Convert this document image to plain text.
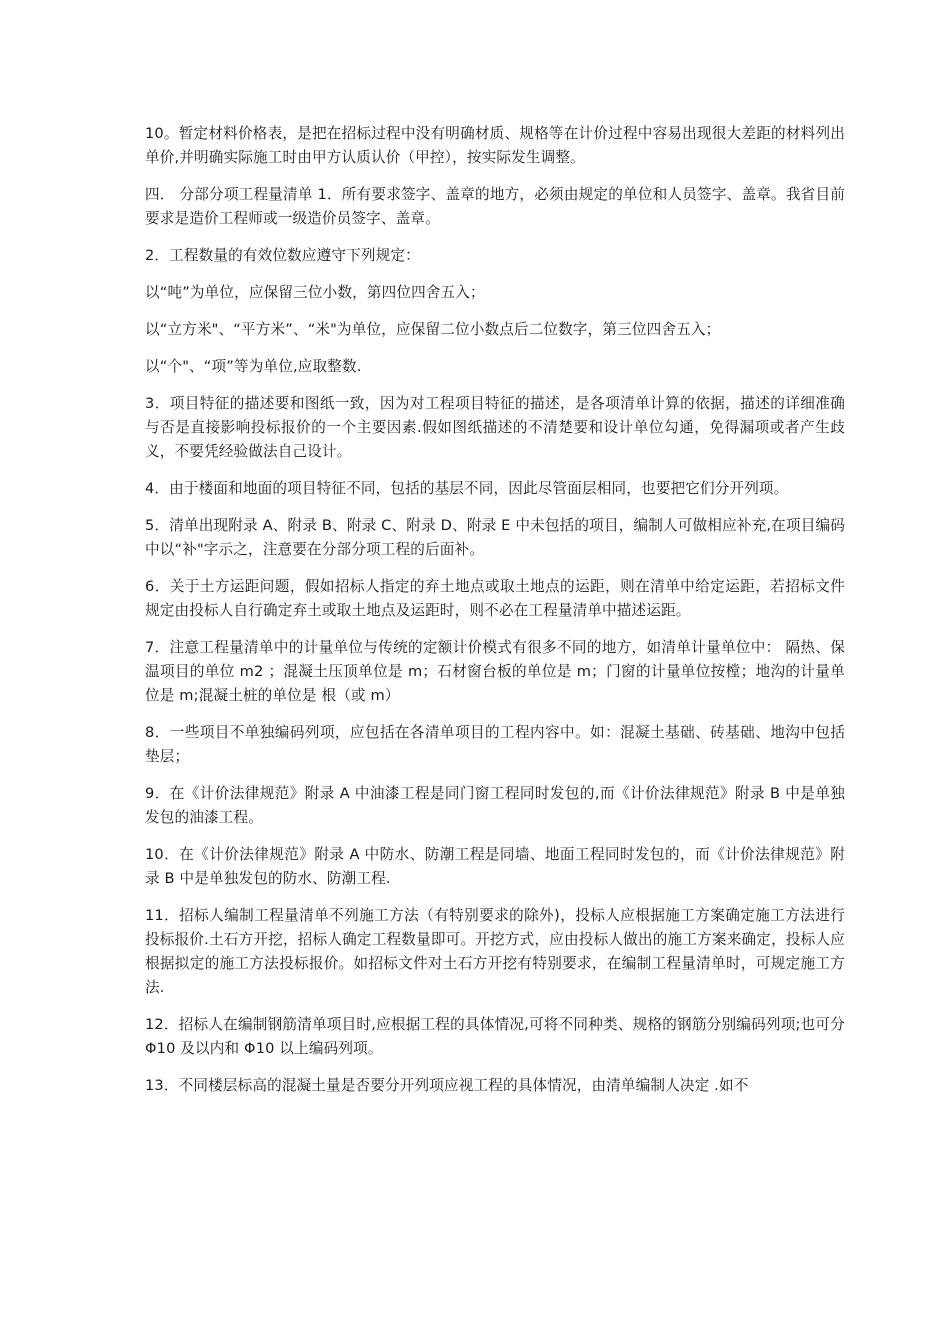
10。暂定材料价格表，是把在招标过程中没有明确材质、规格等在计价过程中容易出现很大差距的材料列出单价,并明确实际施工时由甲方认质认价（甲控），按实际发生调整。

四． 分部分项工程量清单 1．所有要求签字、盖章的地方，必须由规定的单位和人员签字、盖章。我省目前要求是造价工程师或一级造价员签字、盖章。

2．工程数量的有效位数应遵守下列规定：

以“吨”为单位，应保留三位小数，第四位四舍五入；

以“立方米"、“平方米”、“米"为单位，应保留二位小数点后二位数字，第三位四舍五入；

以“个"、“项”等为单位,应取整数.

3．项目特征的描述要和图纸一致，因为对工程项目特征的描述，是各项清单计算的依据，描述的详细准确与否是直接影响投标报价的一个主要因素.假如图纸描述的不清楚要和设计单位勾通，免得漏项或者产生歧义，不要凭经验做法自己设计。

4．由于楼面和地面的项目特征不同，包括的基层不同，因此尽管面层相同，也要把它们分开列项。

5．清单出现附录 A、附录 B、附录 C、附录 D、附录 E 中未包括的项目，编制人可做相应补充,在项目编码中以“补"字示之，注意要在分部分项工程的后面补。

6．关于土方运距问题，假如招标人指定的弃土地点或取土地点的运距，则在清单中给定运距，若招标文件规定由投标人自行确定弃土或取土地点及运距时，则不必在工程量清单中描述运距。

7．注意工程量清单中的计量单位与传统的定额计价模式有很多不同的地方，如清单计量单位中： 隔热、保温项目的单位 m2 ；混凝土压顶单位是 m；石材窗台板的单位是 m；门窗的计量单位按樘；地沟的计量单位是 m;混凝土桩的单位是 根（或 m）

8．一些项目不单独编码列项，应包括在各清单项目的工程内容中。如：混凝土基础、砖基础、地沟中包括垫层；

9．在《计价法律规范》附录 A 中油漆工程是同门窗工程同时发包的,而《计价法律规范》附录 B 中是单独发包的油漆工程。

10．在《计价法律规范》附录 A 中防水、防潮工程是同墙、地面工程同时发包的，而《计价法律规范》附录 B 中是单独发包的防水、防潮工程.

11．招标人编制工程量清单不列施工方法（有特别要求的除外)，投标人应根据施工方案确定施工方法进行投标报价.土石方开挖，招标人确定工程数量即可。开挖方式，应由投标人做出的施工方案来确定，投标人应根据拟定的施工方法投标报价。如招标文件对土石方开挖有特别要求，在编制工程量清单时，可规定施工方法.

12．招标人在编制钢筋清单项目时,应根据工程的具体情况,可将不同种类、规格的钢筋分别编码列项;也可分 Φ10 及以内和 Φ10 以上编码列项。

13．不同楼层标高的混凝土量是否要分开列项应视工程的具体情况，由清单编制人决定 .如不
